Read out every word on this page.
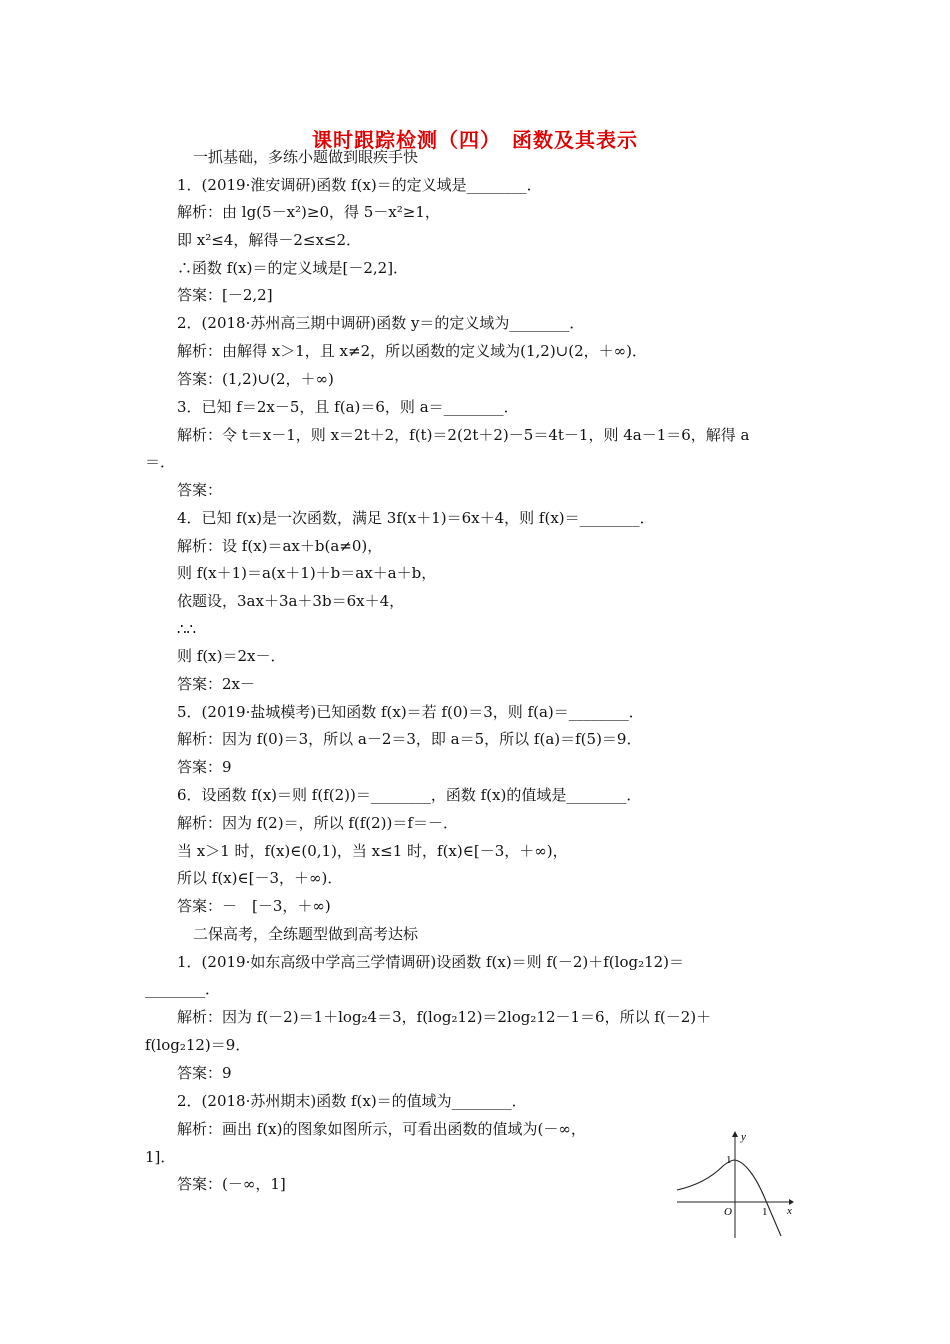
课时跟踪检测（四）　函数及其表示
一抓基础，多练小题做到眼疾手快
1．(2019·淮安调研)函数 f(x)＝的定义域是________．
解析：由 lg(5－x²)≥0，得 5－x²≥1，
即 x²≤4，解得－2≤x≤2．
∴函数 f(x)＝的定义域是[－2,2]．
答案：[－2,2]
2．(2018·苏州高三期中调研)函数 y＝的定义域为________．
解析：由解得 x＞1，且 x≠2，所以函数的定义域为(1,2)∪(2，＋∞)．
答案：(1,2)∪(2，＋∞)
3．已知 f＝2x－5，且 f(a)＝6，则 a＝________．
解析：令 t＝x－1，则 x＝2t＋2，f(t)＝2(2t＋2)－5＝4t－1，则 4a－1＝6，解得 a
＝．
答案：
4．已知 f(x)是一次函数，满足 3f(x＋1)＝6x＋4，则 f(x)＝________．
解析：设 f(x)＝ax＋b(a≠0)，
则 f(x＋1)＝a(x＋1)＋b＝ax＋a＋b，
依题设，3ax＋3a＋3b＝6x＋4，
∴∴
则 f(x)＝2x－．
答案：2x－
5．(2019·盐城模考)已知函数 f(x)＝若 f(0)＝3，则 f(a)＝________．
解析：因为 f(0)＝3，所以 a－2＝3，即 a＝5，所以 f(a)＝f(5)＝9．
答案：9
6．设函数 f(x)＝则 f(f(2))＝________，函数 f(x)的值域是________．
解析：因为 f(2)＝，所以 f(f(2))＝f＝－．
当 x＞1 时，f(x)∈(0,1)，当 x≤1 时，f(x)∈[－3，＋∞)，
所以 f(x)∈[－3，＋∞)．
答案：－　[－3，＋∞)
二保高考，全练题型做到高考达标
1．(2019·如东高级中学高三学情调研)设函数 f(x)＝则 f(－2)＋f(log₂12)＝
________．
解析：因为 f(－2)＝1＋log₂4＝3，f(log₂12)＝2log₂12－1＝6，所以 f(－2)＋
f(log₂12)＝9．
答案：9
2．(2018·苏州期末)函数 f(x)＝的值域为________．
解析：画出 f(x)的图象如图所示，可看出函数的值域为(－∞，
1]．
答案：(－∞，1]
y
x
O
1
1
